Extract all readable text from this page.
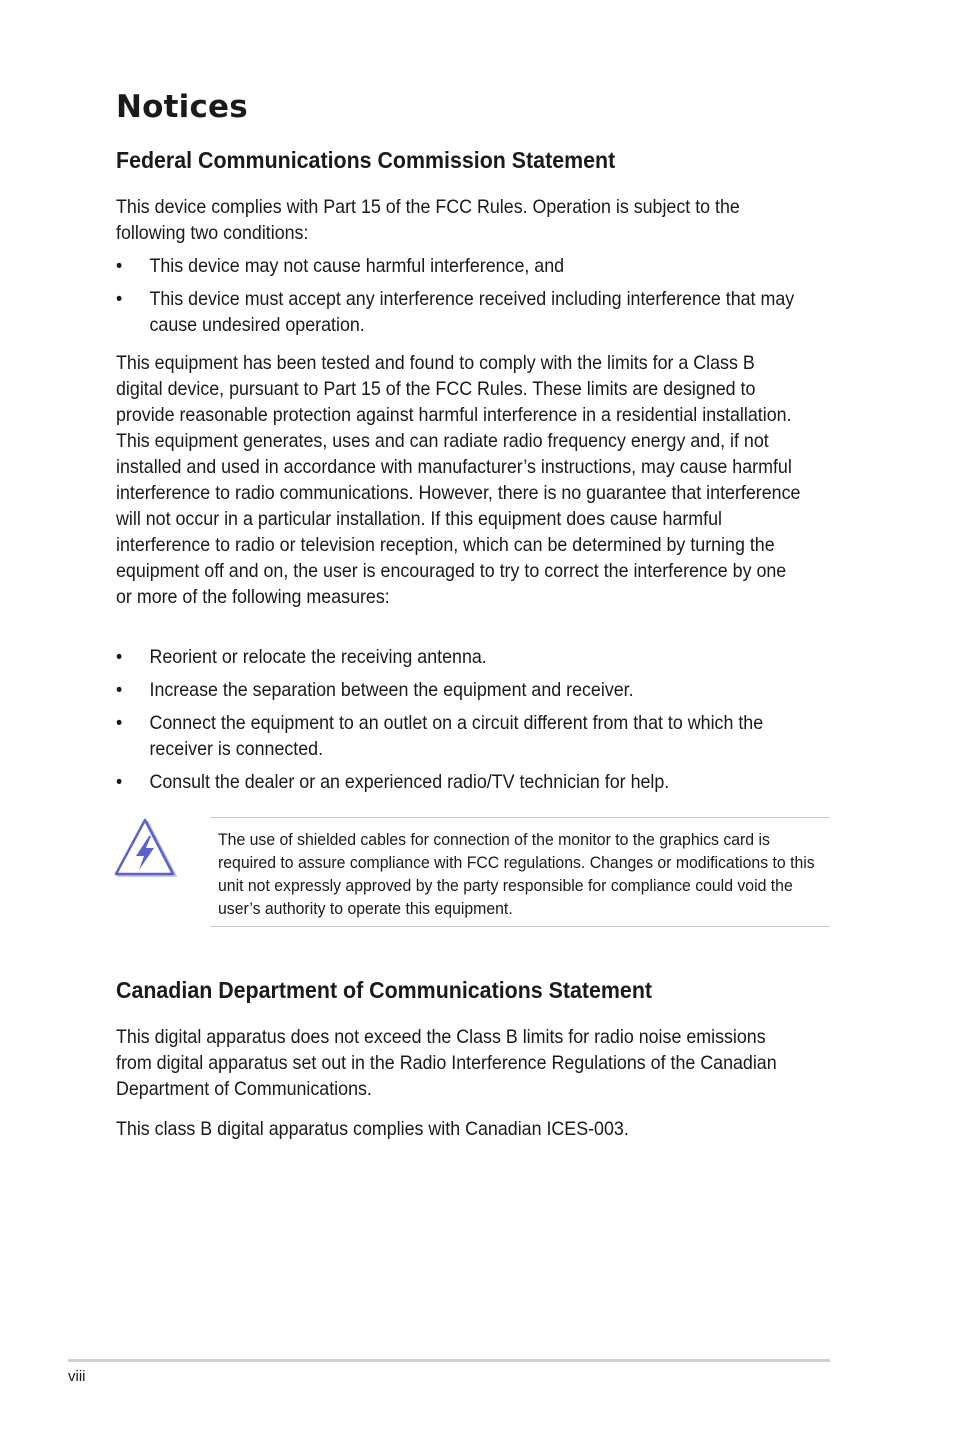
Notices
Federal Communications Commission Statement

This device complies with Part 15 of the FCC Rules. Operation is subject to the following two conditions:

• This device may not cause harmful interference, and
• This device must accept any interference received including interference that may cause undesired operation.

This equipment has been tested and found to comply with the limits for a Class B digital device, pursuant to Part 15 of the FCC Rules. These limits are designed to provide reasonable protection against harmful interference in a residential installation. This equipment generates, uses and can radiate radio frequency energy and, if not installed and used in accordance with manufacturer’s instructions, may cause harmful interference to radio communications. However, there is no guarantee that interference will not occur in a particular installation. If this equipment does cause harmful interference to radio or television reception, which can be determined by turning the equipment off and on, the user is encouraged to try to correct the interference by one or more of the following measures:

• Reorient or relocate the receiving antenna.
• Increase the separation between the equipment and receiver.
• Connect the equipment to an outlet on a circuit different from that to which the receiver is connected.
• Consult the dealer or an experienced radio/TV technician for help.

The use of shielded cables for connection of the monitor to the graphics card is required to assure compliance with FCC regulations. Changes or modifications to this unit not expressly approved by the party responsible for compliance could void the user’s authority to operate this equipment.

Canadian Department of Communications Statement

This digital apparatus does not exceed the Class B limits for radio noise emissions from digital apparatus set out in the Radio Interference Regulations of the Canadian Department of Communications.

This class B digital apparatus complies with Canadian ICES-003.

viii
